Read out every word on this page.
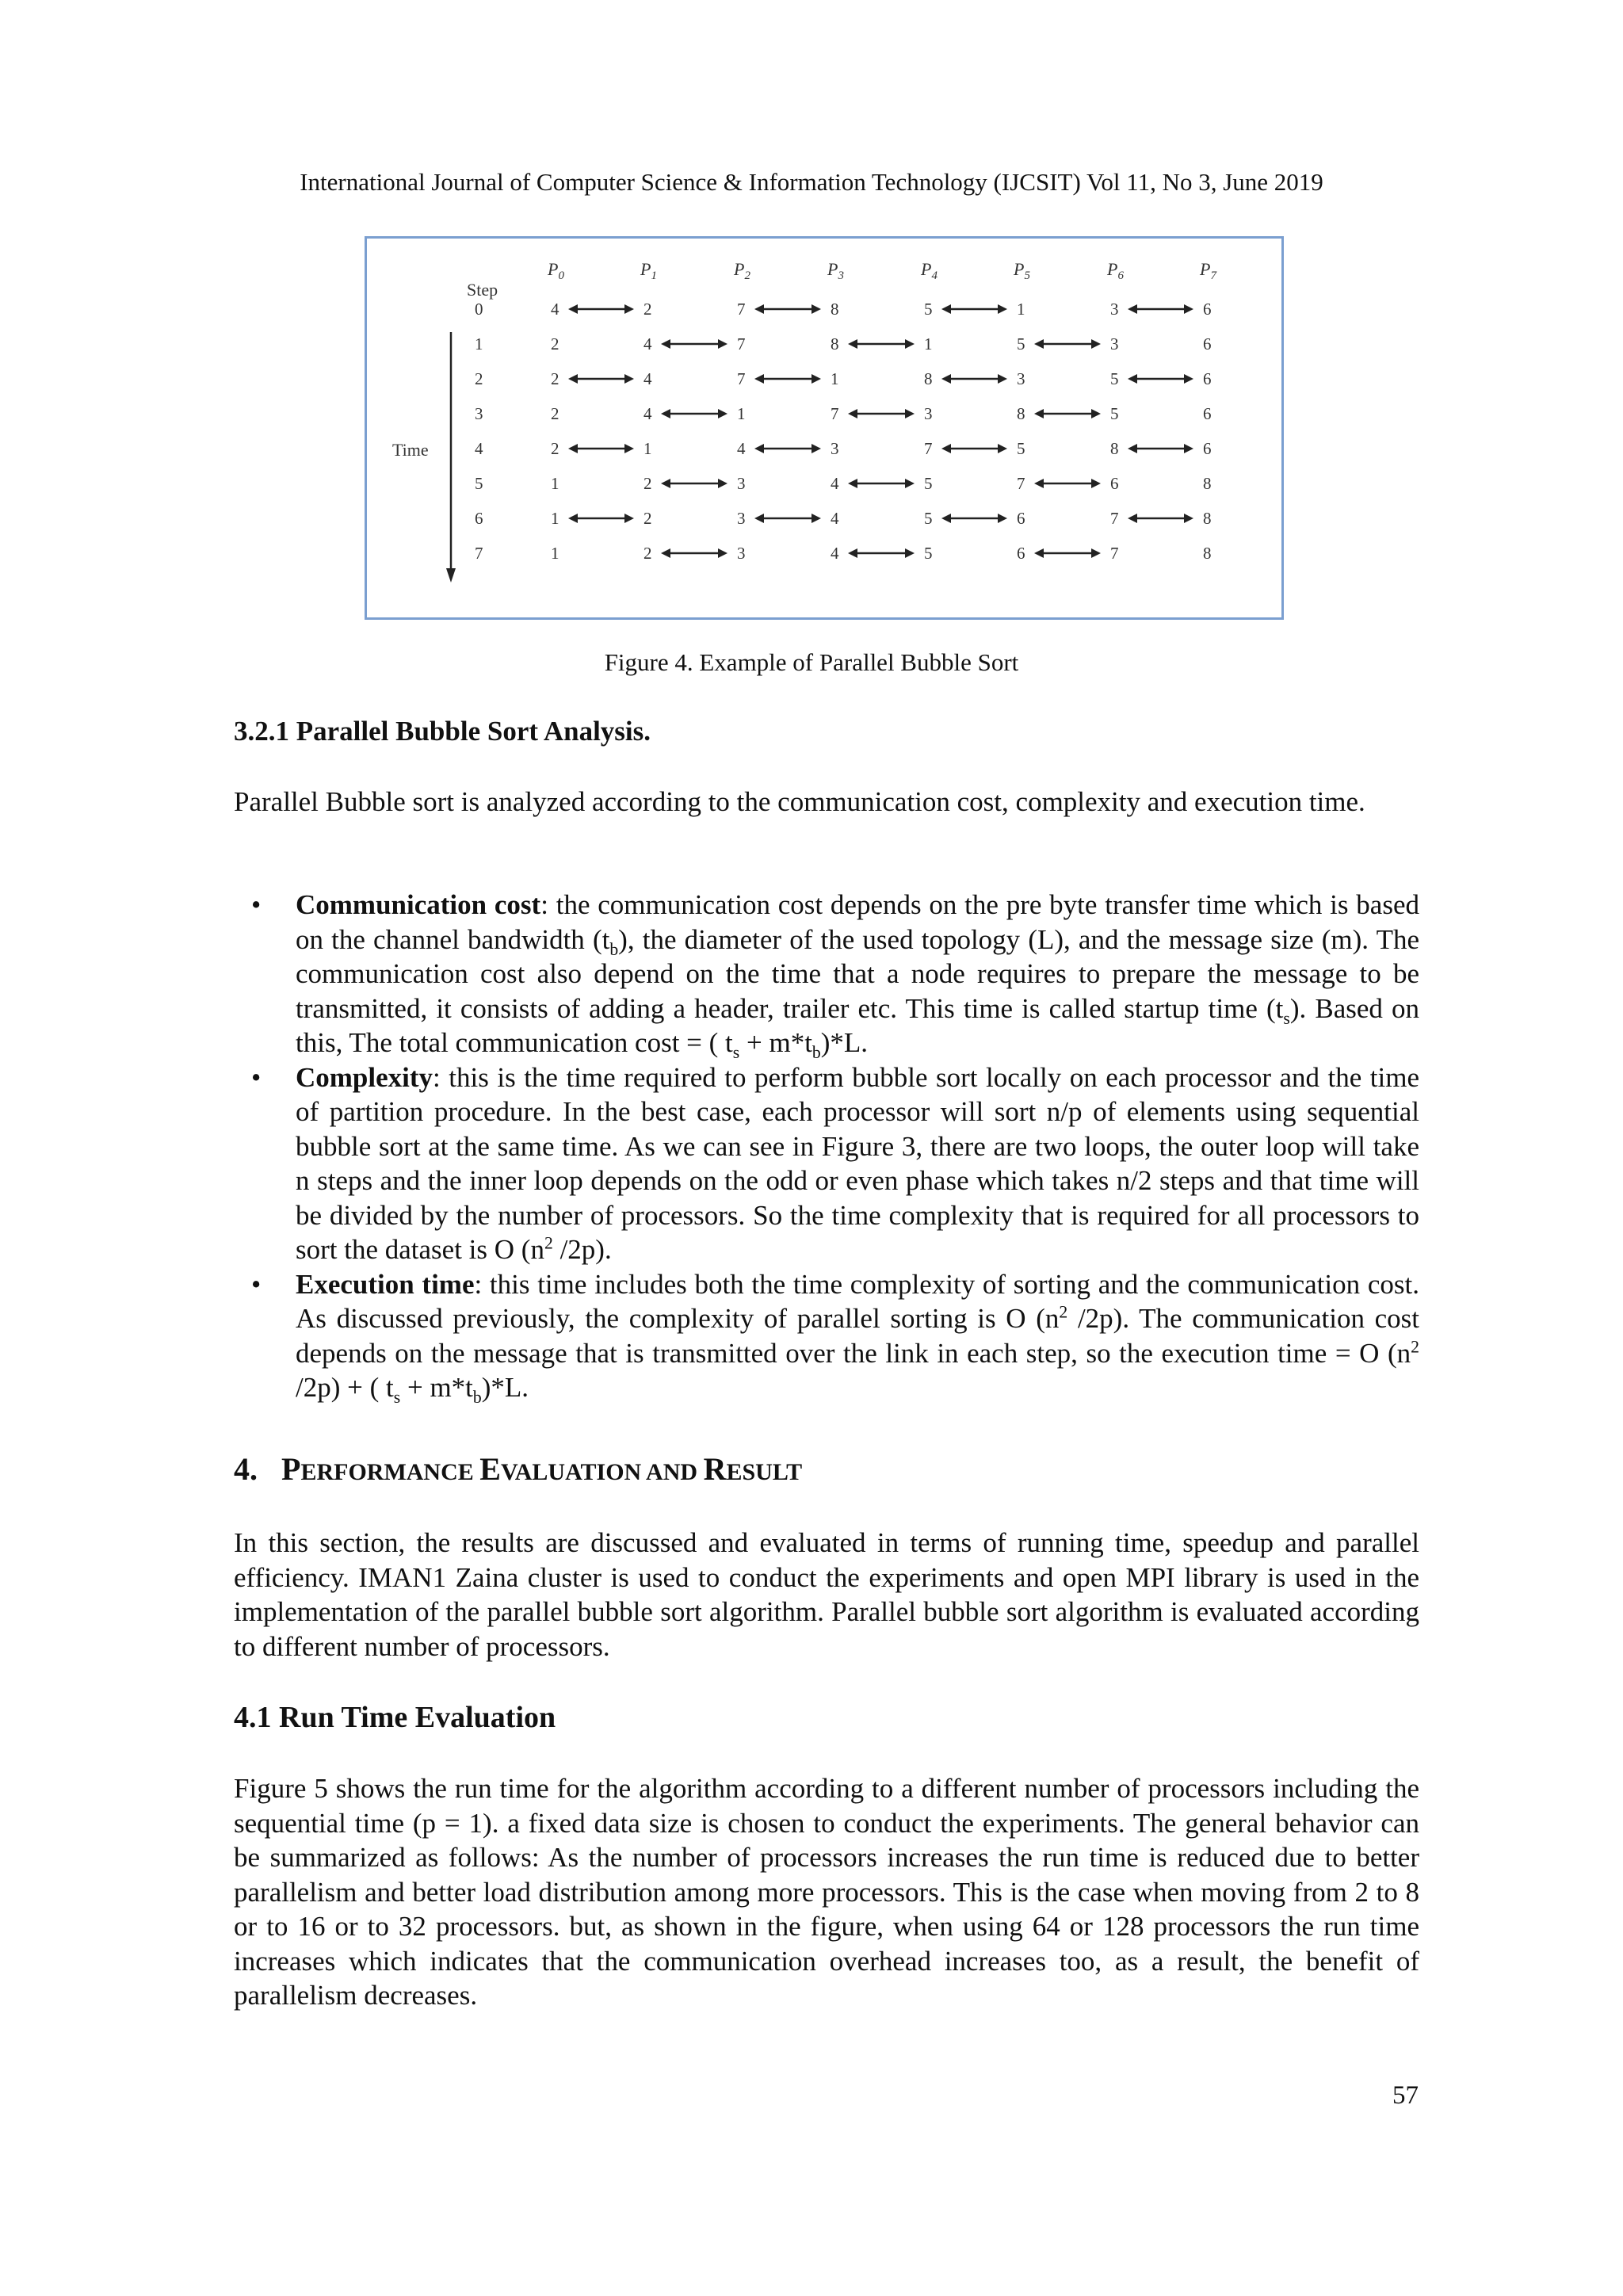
International Journal of Computer Science & Information Technology (IJCSIT) Vol 11, No 3, June 2019
$P_0$	$P_1$	$P_2$	$P_3$	$P_4$	$P_5$	$P_6$	$P_7$
Step
Time
0	4	2	7	8	5	1	3	6
1	2	4	7	8	1	5	3	6
2	2	4	7	1	8	3	5	6
3	2	4	1	7	3	8	5	6
4	2	1	4	3	7	5	8	6
5	1	2	3	4	5	7	6	8
6	1	2	3	4	5	6	7	8
7	1	2	3	4	5	6	7	8
Figure 4. Example of Parallel Bubble Sort
3.2.1 Parallel Bubble Sort Analysis.
Parallel Bubble sort is analyzed according to the communication cost, complexity and execution time.
• Communication cost: the communication cost depends on the pre byte transfer time which is based on the channel bandwidth $(t_b)$, the diameter of the used topology (L), and the message size (m). The communication cost also depend on the time that a node requires to prepare the message to be transmitted, it consists of adding a header, trailer etc. This time is called startup time $(t_s)$. Based on this, The total communication cost = ( $t_s + m*t_b)*L$.
• Complexity: this is the time required to perform bubble sort locally on each processor and the time of partition procedure. In the best case, each processor will sort n/p of elements using sequential bubble sort at the same time. As we can see in Figure 3, there are two loops, the outer loop will take n steps and the inner loop depends on the odd or even phase which takes n/2 steps and that time will be divided by the number of processors. So the time complexity that is required for all processors to sort the dataset is O ($n^2$ /2p).
• Execution time: this time includes both the time complexity of sorting and the communication cost. As discussed previously, the complexity of parallel sorting is O ($n^2$ /2p). The communication cost depends on the message that is transmitted over the link in each step, so the execution time = O ($n^2$ /2p) + ( $t_s + m*t_b)*L$.
4. PERFORMANCE EVALUATION AND RESULT
In this section, the results are discussed and evaluated in terms of running time, speedup and parallel efficiency. IMAN1 Zaina cluster is used to conduct the experiments and open MPI library is used in the implementation of the parallel bubble sort algorithm. Parallel bubble sort algorithm is evaluated according to different number of processors.
4.1 Run Time Evaluation
Figure 5 shows the run time for the algorithm according to a different number of processors including the sequential time (p = 1). a fixed data size is chosen to conduct the experiments. The general behavior can be summarized as follows: As the number of processors increases the run time is reduced due to better parallelism and better load distribution among more processors. This is the case when moving from 2 to 8 or to 16 or to 32 processors. but, as shown in the figure, when using 64 or 128 processors the run time increases which indicates that the communication overhead increases too, as a result, the benefit of parallelism decreases.
57
